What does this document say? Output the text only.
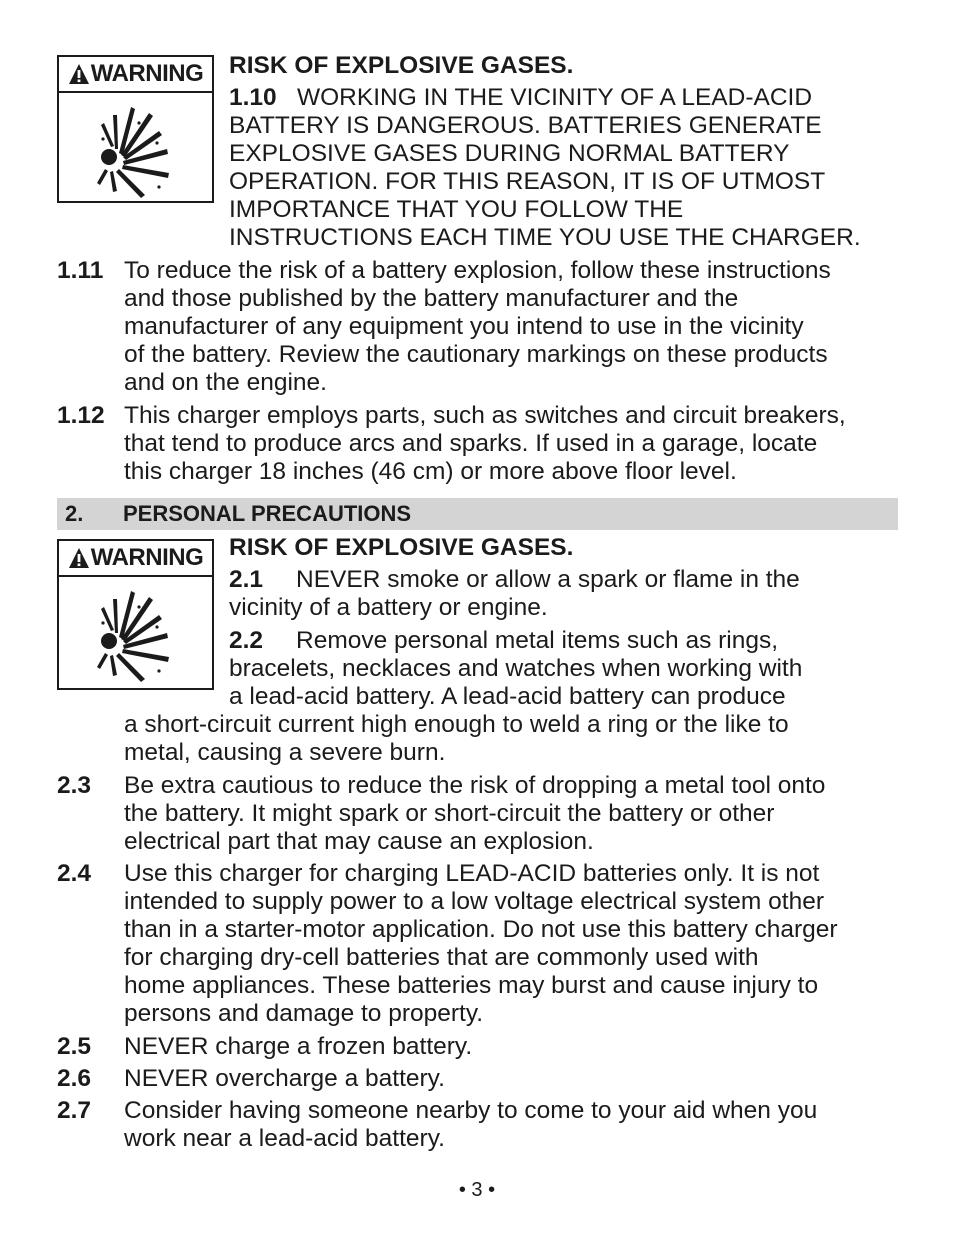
WARNING RISK OF EXPLOSIVE GASES.
1.10 WORKING IN THE VICINITY OF A LEAD-ACID
BATTERY IS DANGEROUS. BATTERIES GENERATE
EXPLOSIVE GASES DURING NORMAL BATTERY
OPERATION. FOR THIS REASON, IT IS OF UTMOST
IMPORTANCE THAT YOU FOLLOW THE
INSTRUCTIONS EACH TIME YOU USE THE CHARGER.
1.11 To reduce the risk of a battery explosion, follow these instructions
and those published by the battery manufacturer and the
manufacturer of any equipment you intend to use in the vicinity
of the battery. Review the cautionary markings on these products
and on the engine.
1.12 This charger employs parts, such as switches and circuit breakers,
that tend to produce arcs and sparks. If used in a garage, locate
this charger 18 inches (46 cm) or more above floor level.
2. PERSONAL PRECAUTIONS
WARNING RISK OF EXPLOSIVE GASES.
2.1 NEVER smoke or allow a spark or flame in the
vicinity of a battery or engine.
2.2 Remove personal metal items such as rings,
bracelets, necklaces and watches when working with
a lead-acid battery. A lead-acid battery can produce
a short-circuit current high enough to weld a ring or the like to
metal, causing a severe burn.
2.3 Be extra cautious to reduce the risk of dropping a metal tool onto
the battery. It might spark or short-circuit the battery or other
electrical part that may cause an explosion.
2.4 Use this charger for charging LEAD-ACID batteries only. It is not
intended to supply power to a low voltage electrical system other
than in a starter-motor application. Do not use this battery charger
for charging dry-cell batteries that are commonly used with
home appliances. These batteries may burst and cause injury to
persons and damage to property.
2.5 NEVER charge a frozen battery.
2.6 NEVER overcharge a battery.
2.7 Consider having someone nearby to come to your aid when you
work near a lead-acid battery.
• 3 •
